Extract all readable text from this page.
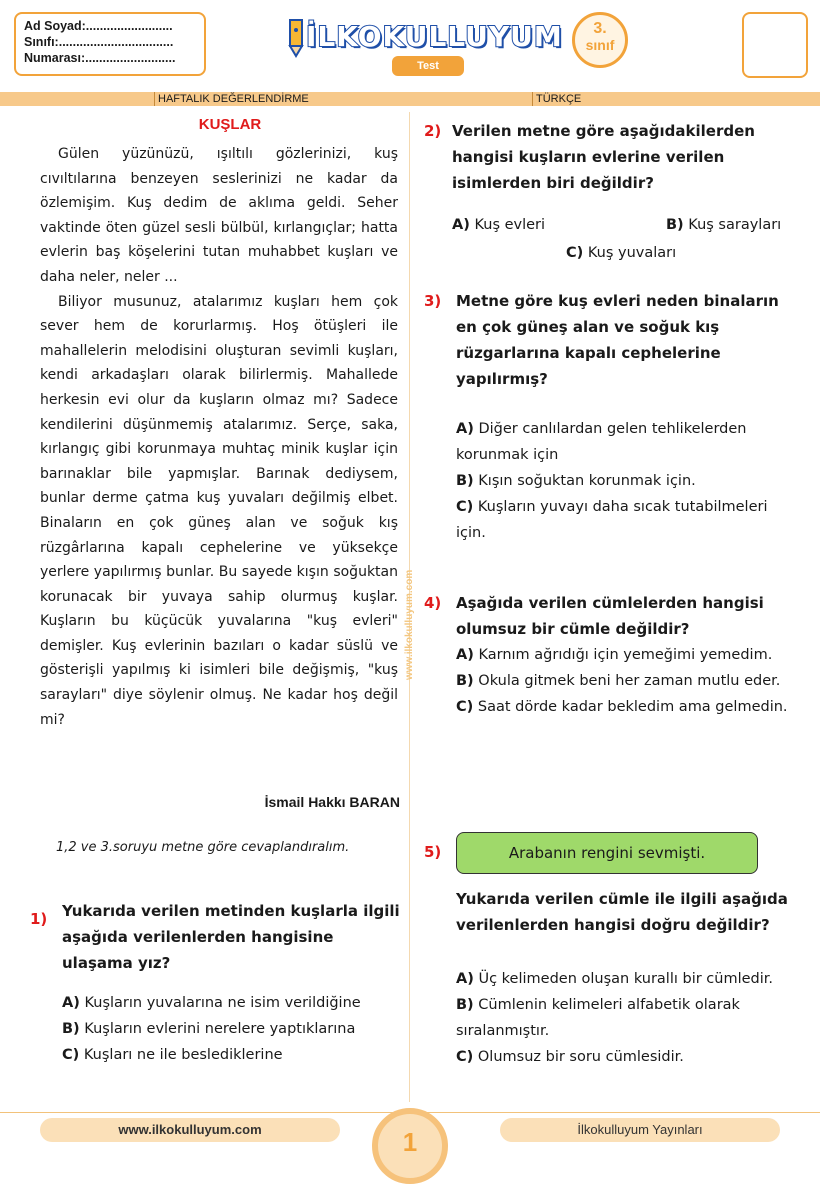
Ad Soyad:.........................
Sınıfı:.................................
Numarası:..........................
İLKOKULLUYUM
Test
3.
sınıf
HAFTALIK DEĞERLENDİRME	TÜRKÇE
KUŞLAR

Gülen yüzünüzü, ışıltılı gözlerinizi, kuş cıvıltılarına benzeyen seslerinizi ne kadar da özlemişim. Kuş dedim de aklıma geldi. Seher vaktinde öten güzel sesli bülbül, kırlangıçlar; hatta evlerin baş köşelerini tutan muhabbet kuşları ve daha neler, neler ...

Biliyor musunuz, atalarımız kuşları hem çok sever hem de korurlarmış. Hoş ötüşleri ile mahallelerin melodisini oluşturan sevimli kuşları, kendi arkadaşları olarak bilirlermiş. Mahallede herkesin evi olur da kuşların olmaz mı? Sadece kendilerini düşünmemiş atalarımız. Serçe, saka, kırlangıç gibi korunmaya muhtaç minik kuşlar için barınaklar bile yapmışlar. Barınak dediysem, bunlar derme çatma kuş yuvaları değilmiş elbet. Binaların en çok güneş alan ve soğuk kış rüzgârlarına kapalı cephelerine ve yüksekçe yerlere yapılırmış bunlar. Bu sayede kışın soğuktan korunacak bir yuvaya sahip olurmuş kuşlar. Kuşların bu küçücük yuvalarına "kuş evleri" demişler. Kuş evlerinin bazıları o kadar süslü ve gösterişli yapılmış ki isimleri bile değişmiş, "kuş sarayları" diye söylenir olmuş. Ne kadar hoş değil mi?

İsmail Hakkı BARAN
1,2 ve 3.soruyu metne göre cevaplandıralım.
www.ilkokulluyum.com
1) Yukarıda verilen metinden kuşlarla ilgili aşağıda verilenlerden hangisine ulaşama yız?
A) Kuşların yuvalarına ne isim verildiğine
B) Kuşların evlerini nerelere yaptıklarına
C) Kuşları ne ile beslediklerine
2) Verilen metne göre aşağıdakilerden hangisi kuşların evlerine verilen isimlerden biri değildir?
A) Kuş evleri	B) Kuş sarayları
C) Kuş yuvaları
3) Metne göre kuş evleri neden binaların en çok güneş alan ve soğuk kış rüzgarlarına kapalı cephelerine yapılırmış?
A) Diğer canlılardan gelen tehlikelerden korunmak için
B) Kışın soğuktan korunmak için.
C) Kuşların yuvayı daha sıcak tutabilmeleri için.
4) Aşağıda verilen cümlelerden hangisi olumsuz bir cümle değildir?
A) Karnım ağrıdığı için yemeğimi yemedim.
B) Okula gitmek beni her zaman mutlu eder.
C) Saat dörde kadar bekledim ama gelmedin.
5)	Arabanın rengini sevmişti.
Yukarıda verilen cümle ile ilgili aşağıda verilenlerden hangisi doğru değildir?
A) Üç kelimeden oluşan kurallı bir cümledir.
B) Cümlenin kelimeleri alfabetik olarak sıralanmıştır.
C) Olumsuz bir soru cümlesidir.
www.ilkokulluyum.com	İlkokulluyum Yayınları
1
